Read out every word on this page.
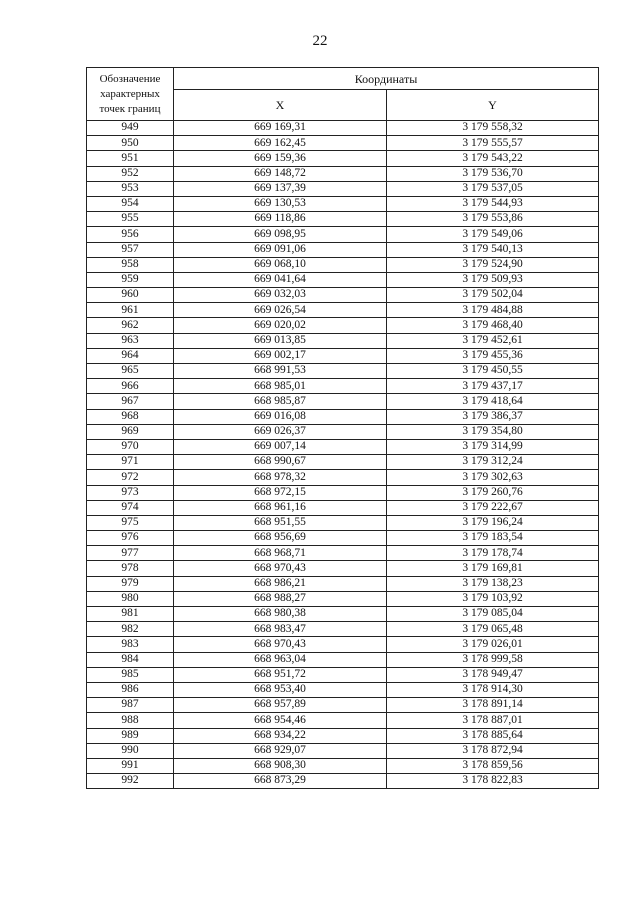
22
Обозначение характерных точек границ	Координаты	
	X	Y
949	669 169,31	3 179 558,32
950	669 162,45	3 179 555,57
951	669 159,36	3 179 543,22
952	669 148,72	3 179 536,70
953	669 137,39	3 179 537,05
954	669 130,53	3 179 544,93
955	669 118,86	3 179 553,86
956	669 098,95	3 179 549,06
957	669 091,06	3 179 540,13
958	669 068,10	3 179 524,90
959	669 041,64	3 179 509,93
960	669 032,03	3 179 502,04
961	669 026,54	3 179 484,88
962	669 020,02	3 179 468,40
963	669 013,85	3 179 452,61
964	669 002,17	3 179 455,36
965	668 991,53	3 179 450,55
966	668 985,01	3 179 437,17
967	668 985,87	3 179 418,64
968	669 016,08	3 179 386,37
969	669 026,37	3 179 354,80
970	669 007,14	3 179 314,99
971	668 990,67	3 179 312,24
972	668 978,32	3 179 302,63
973	668 972,15	3 179 260,76
974	668 961,16	3 179 222,67
975	668 951,55	3 179 196,24
976	668 956,69	3 179 183,54
977	668 968,71	3 179 178,74
978	668 970,43	3 179 169,81
979	668 986,21	3 179 138,23
980	668 988,27	3 179 103,92
981	668 980,38	3 179 085,04
982	668 983,47	3 179 065,48
983	668 970,43	3 179 026,01
984	668 963,04	3 178 999,58
985	668 951,72	3 178 949,47
986	668 953,40	3 178 914,30
987	668 957,89	3 178 891,14
988	668 954,46	3 178 887,01
989	668 934,22	3 178 885,64
990	668 929,07	3 178 872,94
991	668 908,30	3 178 859,56
992	668 873,29	3 178 822,83
